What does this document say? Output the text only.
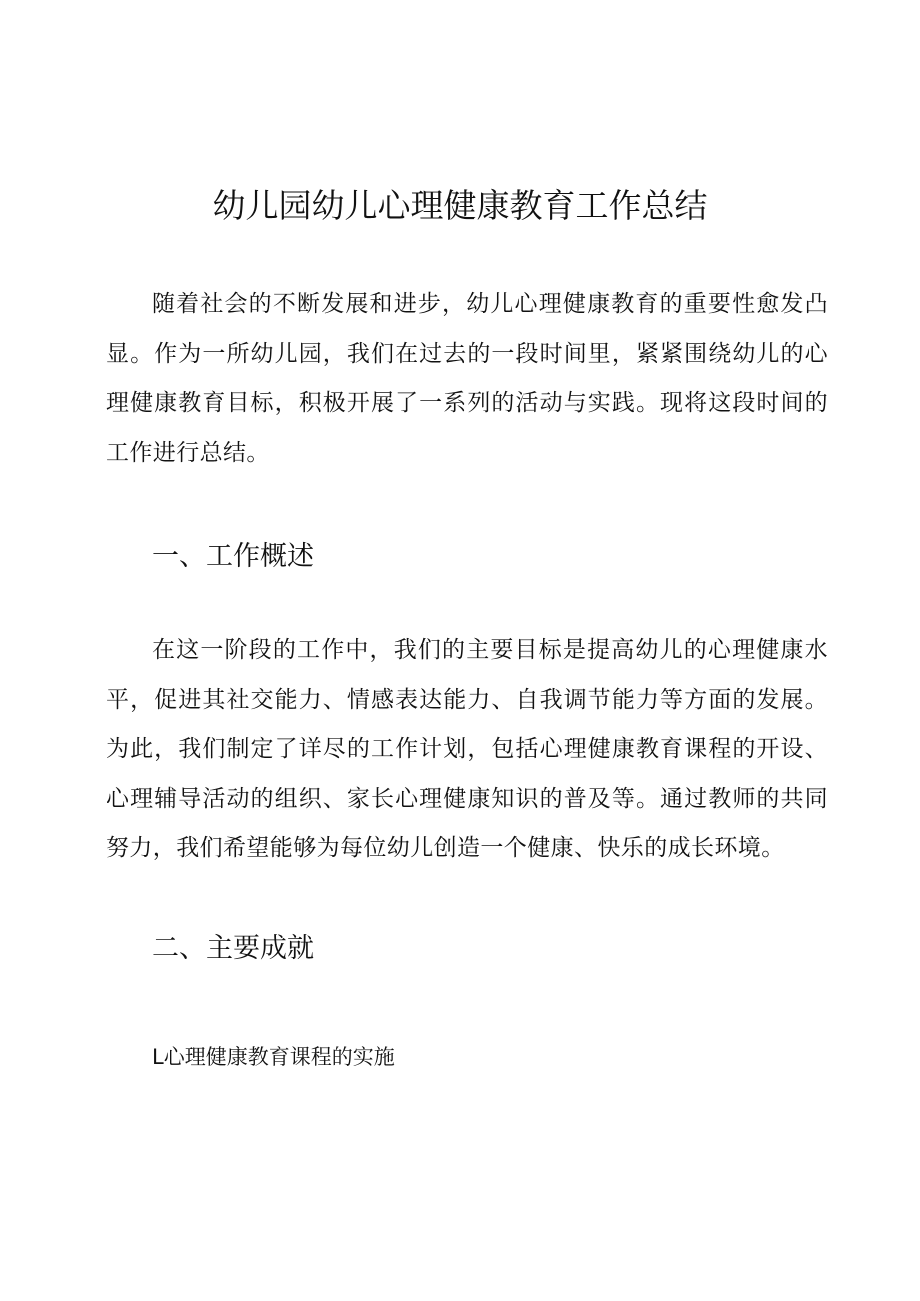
幼儿园幼儿心理健康教育工作总结

随着社会的不断发展和进步，幼儿心理健康教育的重要性愈发凸显。作为一所幼儿园，我们在过去的一段时间里，紧紧围绕幼儿的心理健康教育目标，积极开展了一系列的活动与实践。现将这段时间的工作进行总结。

一、工作概述

在这一阶段的工作中，我们的主要目标是提高幼儿的心理健康水平，促进其社交能力、情感表达能力、自我调节能力等方面的发展。为此，我们制定了详尽的工作计划，包括心理健康教育课程的开设、心理辅导活动的组织、家长心理健康知识的普及等。通过教师的共同努力，我们希望能够为每位幼儿创造一个健康、快乐的成长环境。

二、主要成就
L心理健康教育课程的实施
